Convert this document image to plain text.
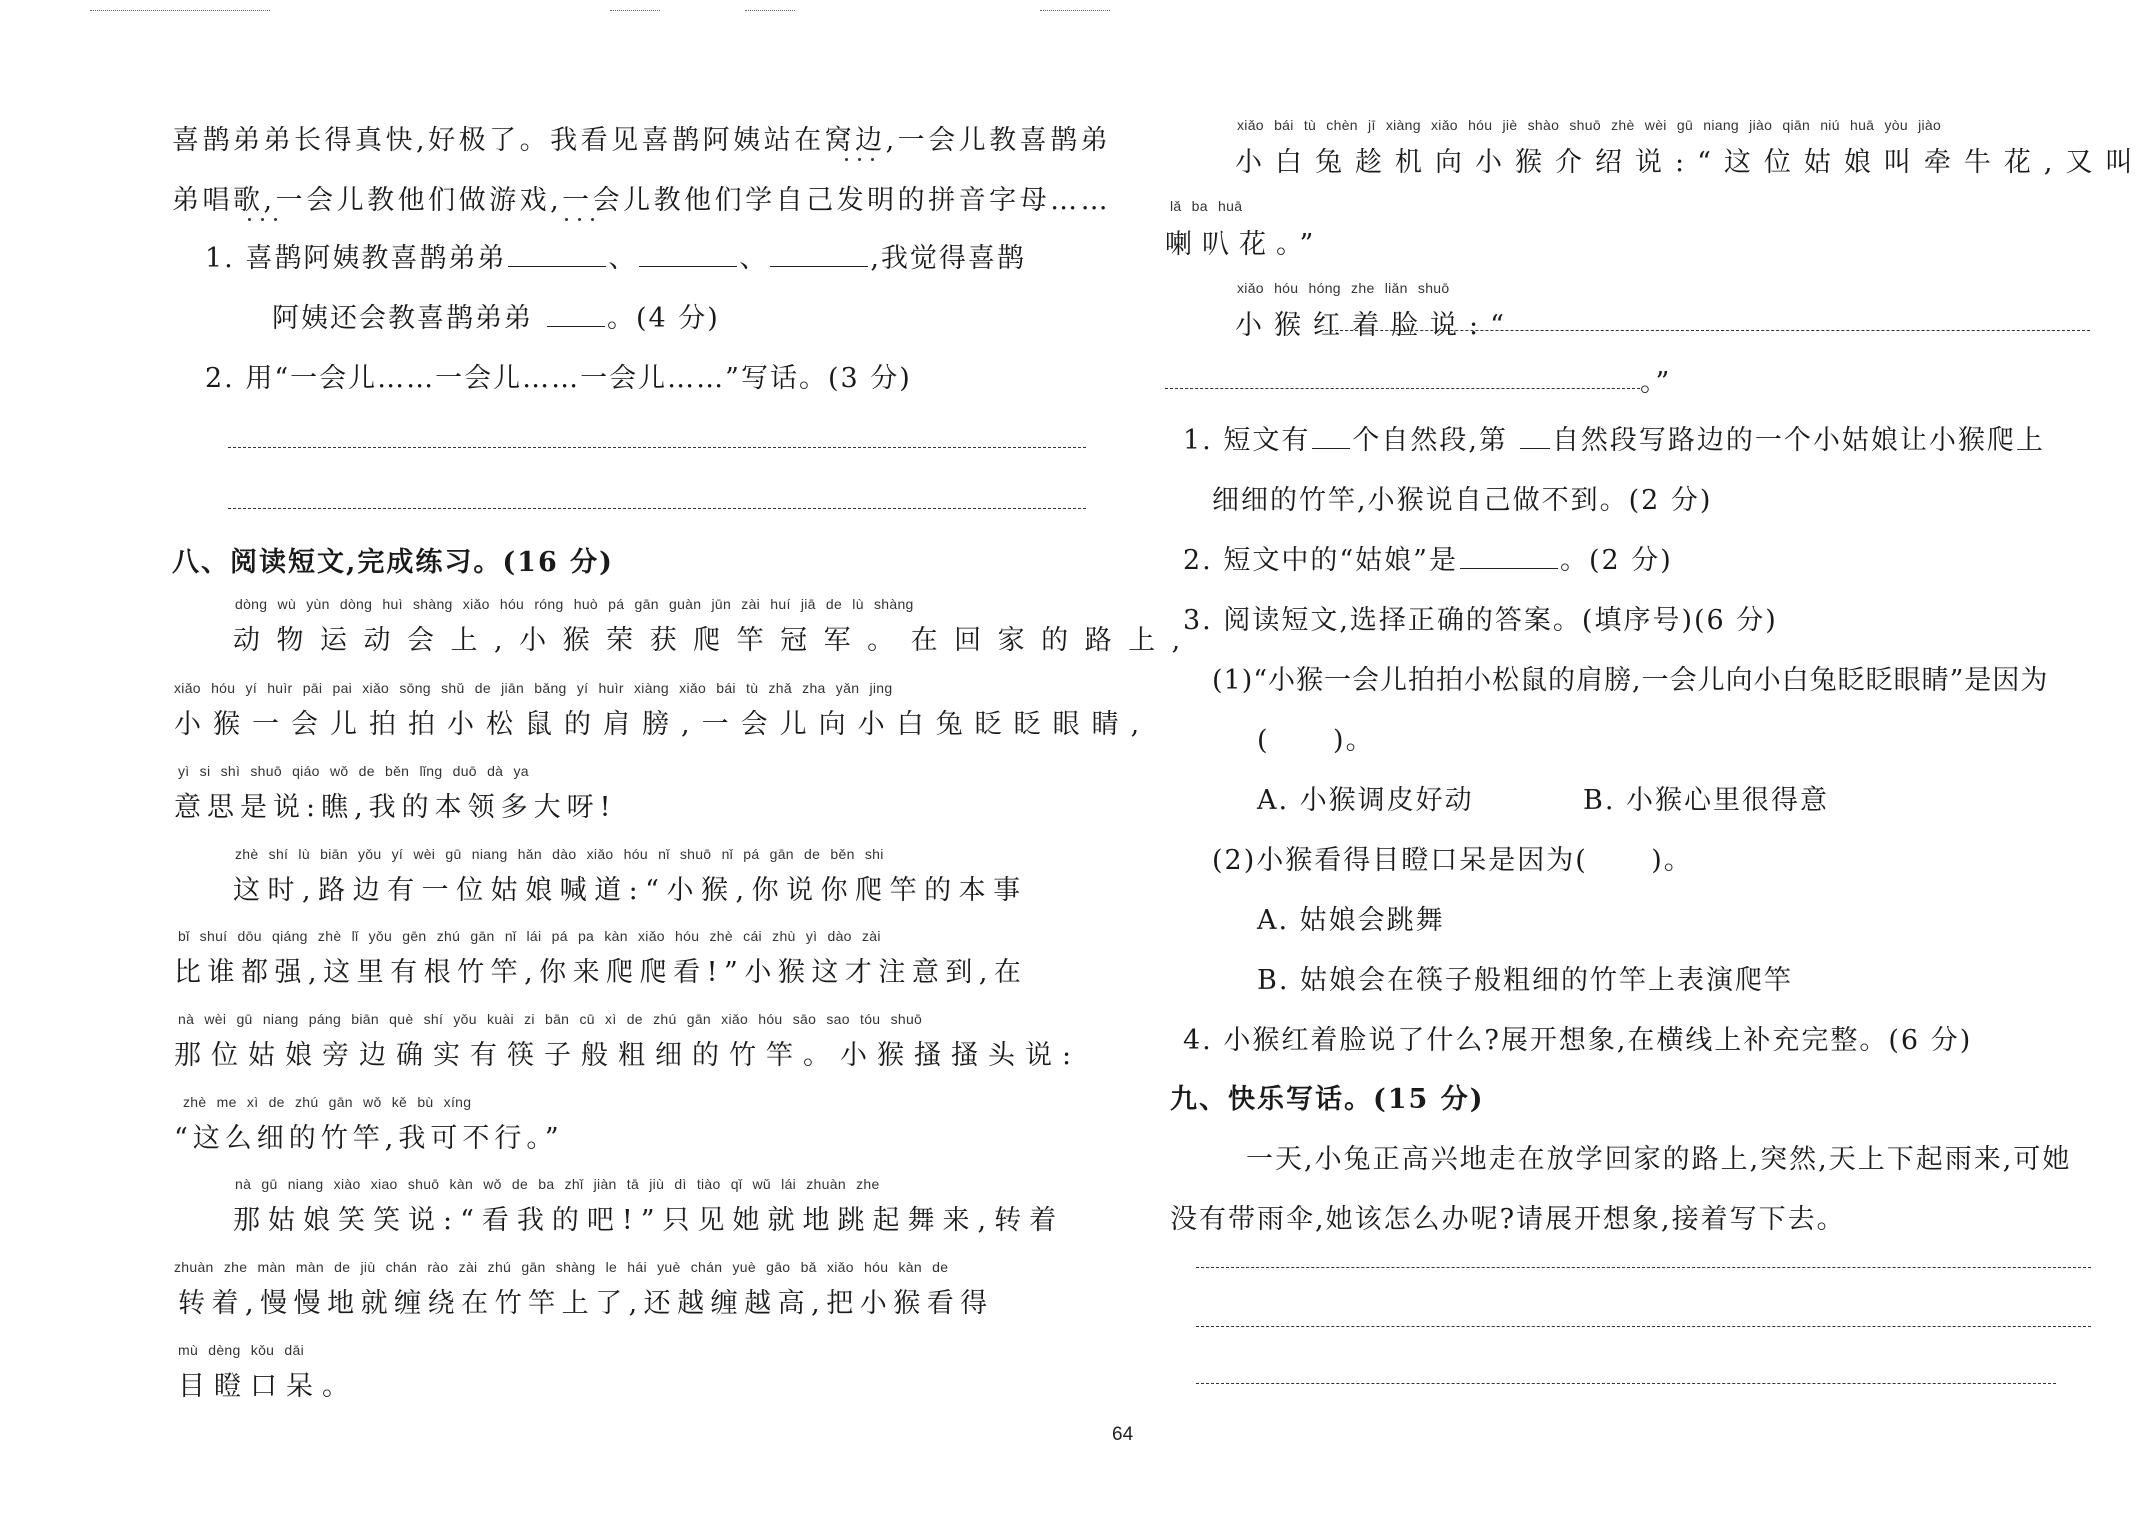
喜鹊弟弟长得真快,好极了。我看见喜鹊阿姨站在窝边,一会儿教喜鹊弟
弟唱歌,一会儿教他们做游戏,一会儿教他们学自己发明的拼音字母……
1. 喜鹊阿姨教喜鹊弟弟	、	、	,我觉得喜鹊
阿姨还会教喜鹊弟弟	。(4 分)
2. 用“一会儿……一会儿……一会儿……”写话。(3 分)
八、阅读短文,完成练习。(16 分)
dòng wù yùn dòng huì shàng xiǎo hóu róng huò pá gān guàn jūn zài huí jiā de lù shàng
动物运动会上,小猴荣获爬竿冠军。在回家的路上,
xiǎo hóu yí huìr pāi pai xiǎo sōng shǔ de jiān bǎng yí huìr xiàng xiǎo bái tù zhǎ zha yǎn jing
小猴一会儿拍拍小松鼠的肩膀,一会儿向小白兔眨眨眼睛,
yì si shì shuō qiáo wǒ de běn lǐng duō dà ya
意思是说:瞧,我的本领多大呀!
zhè shí lù biān yǒu yí wèi gū niang hǎn dào xiǎo hóu nǐ shuō nǐ pá gān de běn shi
这时,路边有一位姑娘喊道:“小猴,你说你爬竿的本事
bǐ shuí dōu qiáng zhè lǐ yǒu gēn zhú gān nǐ lái pá pa kàn xiǎo hóu zhè cái zhù yì dào zài
比谁都强,这里有根竹竿,你来爬爬看!”小猴这才注意到,在
nà wèi gū niang páng biān què shí yǒu kuài zi bān cū xì de zhú gān xiǎo hóu sāo sao tóu shuō
那位姑娘旁边确实有筷子般粗细的竹竿。小猴搔搔头说:
zhè me xì de zhú gān wǒ kě bù xíng
“这么细的竹竿,我可不行。”
nà gū niang xiào xiao shuō kàn wǒ de ba zhǐ jiàn tā jiù dì tiào qǐ wǔ lái zhuàn zhe
那姑娘笑笑说:“看我的吧!”只见她就地跳起舞来,转着
zhuàn zhe màn màn de jiù chán rào zài zhú gān shàng le hái yuè chán yuè gāo bǎ xiǎo hóu kàn de
转着,慢慢地就缠绕在竹竿上了,还越缠越高,把小猴看得
mù dèng kǒu dāi
目瞪口呆。
xiǎo bái tù chèn jī xiàng xiǎo hóu jiè shào shuō zhè wèi gū niang jiào qiān niú huā yòu jiào
小白兔趁机向小猴介绍说:“这位姑娘叫牵牛花,又叫
lǎ ba huā
喇叭花。”
xiǎo hóu hóng zhe liǎn shuō
小猴红着脸说:“
。”
1. 短文有 个自然段,第 自然段写路边的一个小姑娘让小猴爬上
细细的竹竿,小猴说自己做不到。(2 分)
2. 短文中的“姑娘”是	。(2 分)
3. 阅读短文,选择正确的答案。(填序号)(6 分)
(1)“小猴一会儿拍拍小松鼠的肩膀,一会儿向小白兔眨眨眼睛”是因为
(      )。
A. 小猴调皮好动	B. 小猴心里很得意
(2)小猴看得目瞪口呆是因为(      )。
A. 姑娘会跳舞
B. 姑娘会在筷子般粗细的竹竿上表演爬竿
4. 小猴红着脸说了什么?展开想象,在横线上补充完整。(6 分)
九、快乐写话。(15 分)
一天,小兔正高兴地走在放学回家的路上,突然,天上下起雨来,可她
没有带雨伞,她该怎么办呢?请展开想象,接着写下去。
64
